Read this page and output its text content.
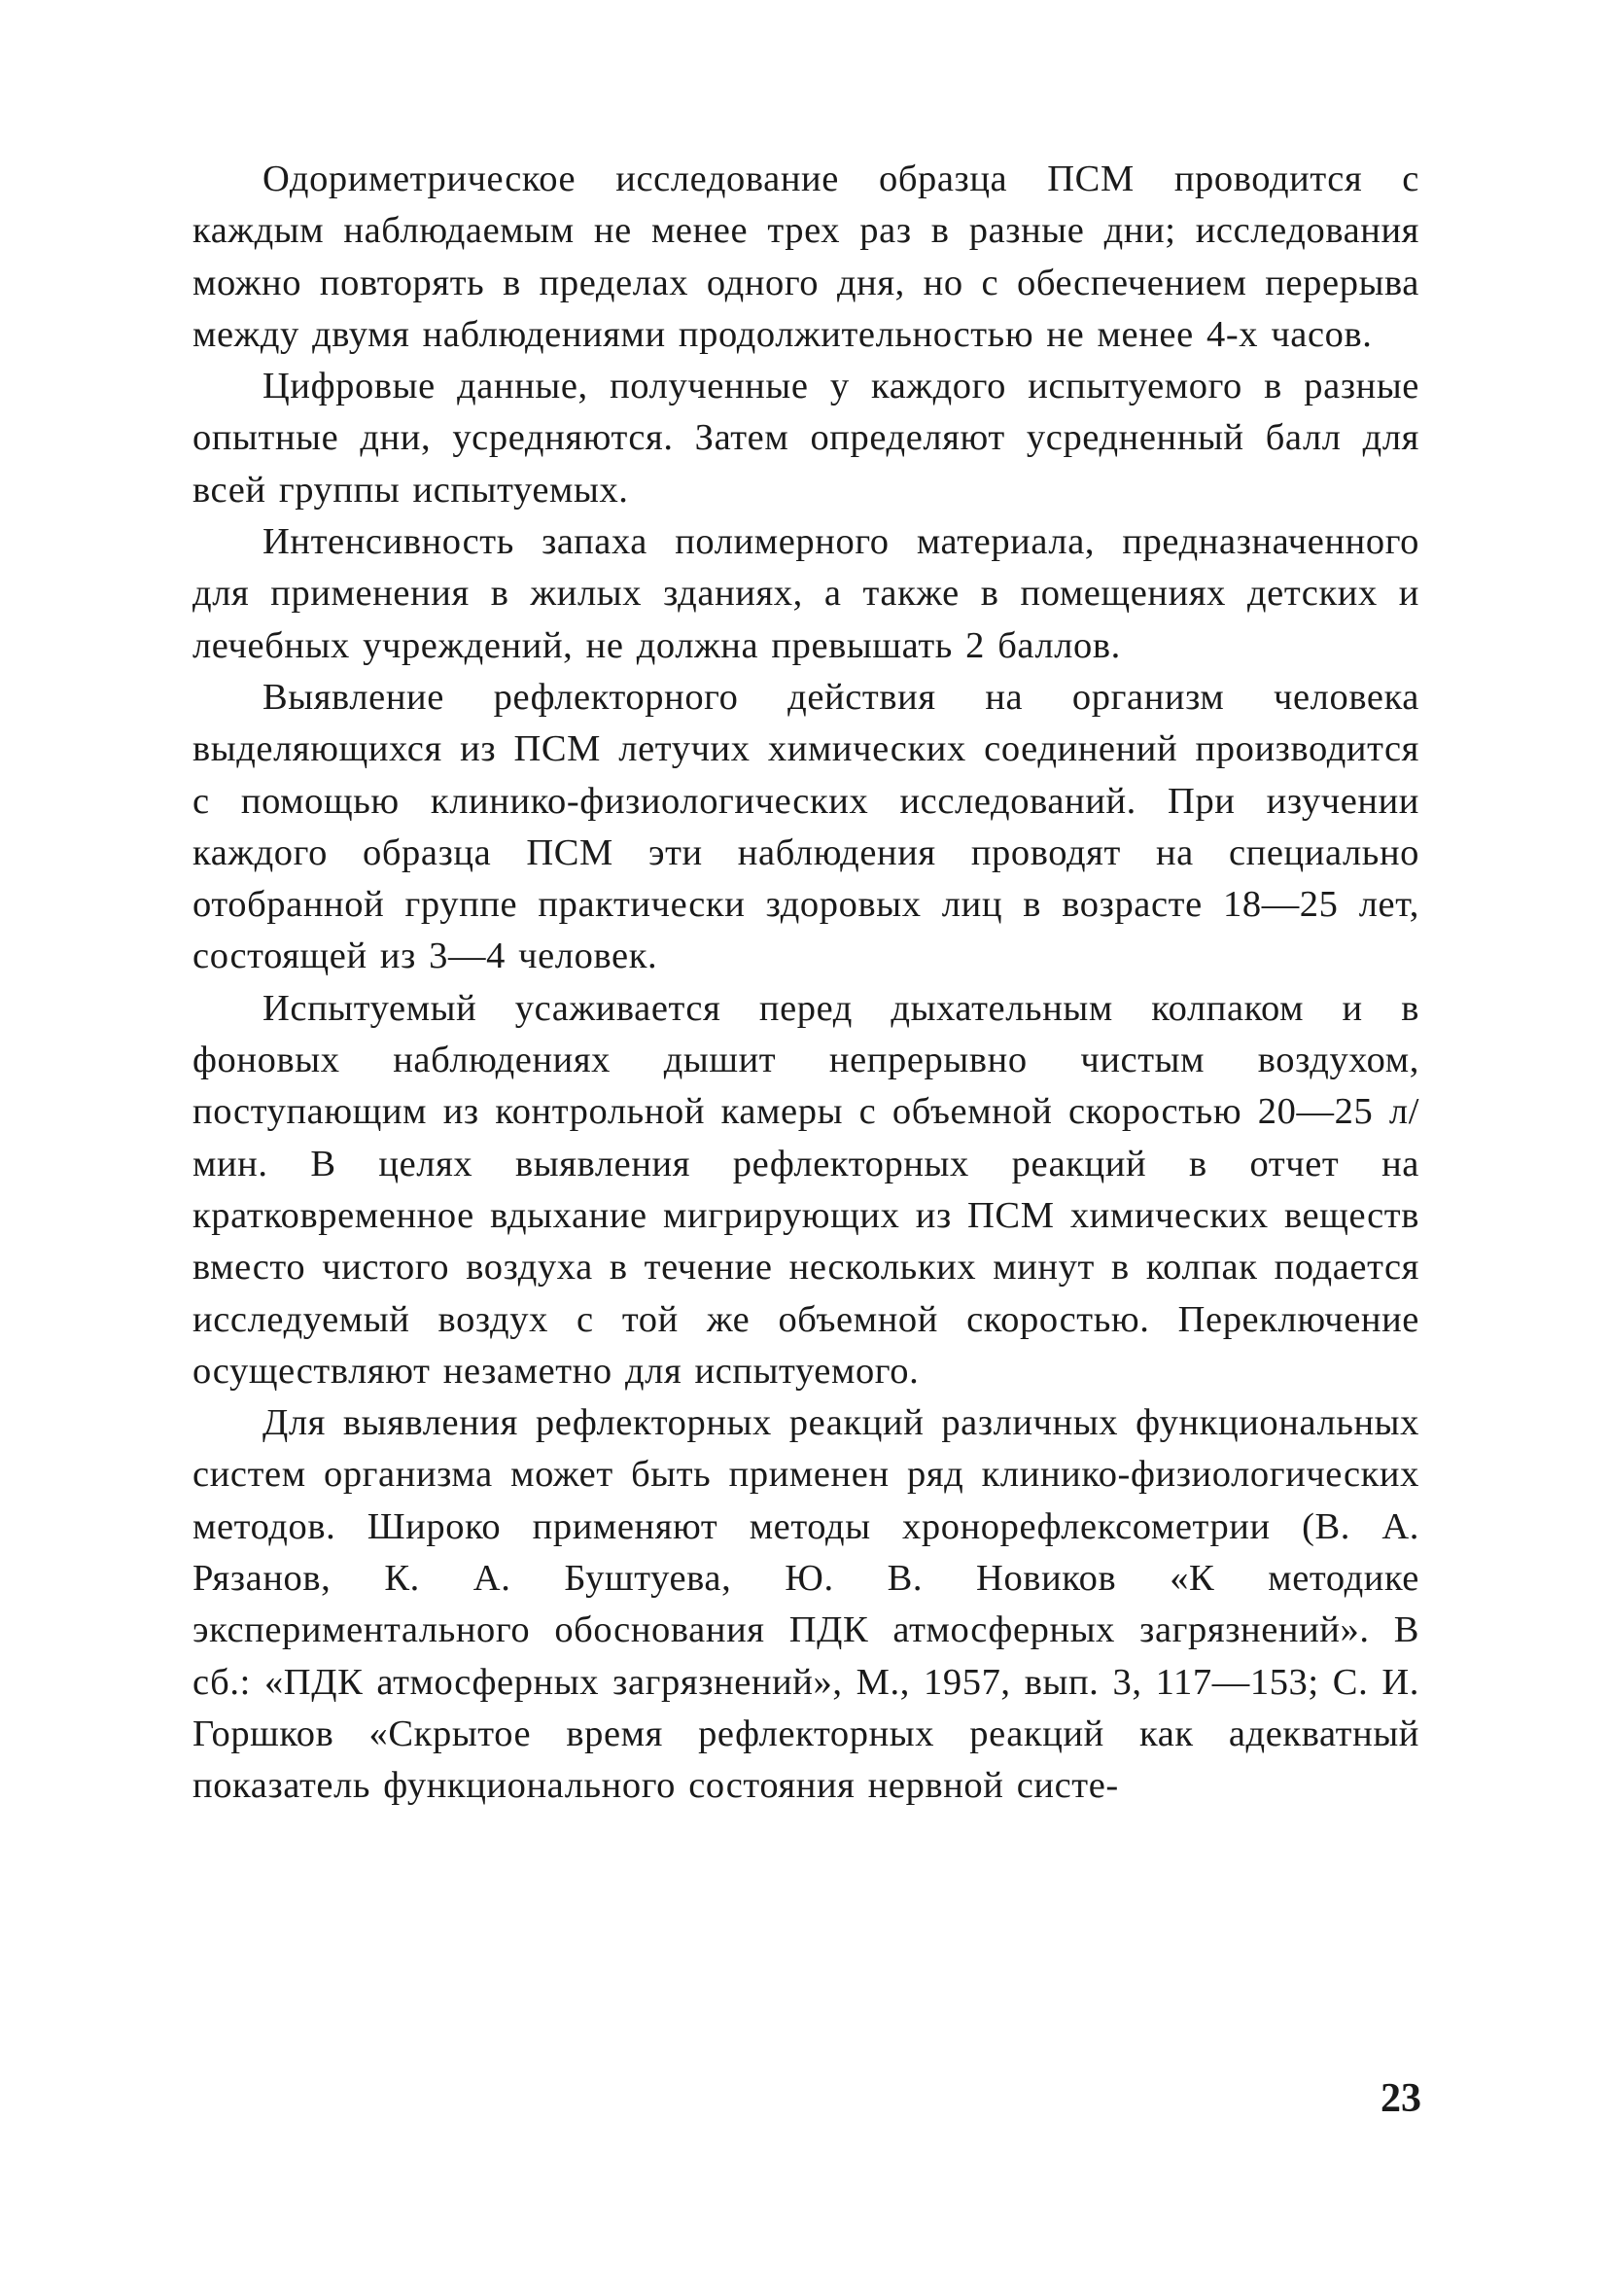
Одориметрическое исследование образца ПСМ проводится с каждым наблюдаемым не менее трех раз в разные дни; исследования можно повторять в пределах одного дня, но с обеспечением перерыва между двумя наблюдениями продолжительностью не менее 4-х часов.

Цифровые данные, полученные у каждого испытуемого в разные опытные дни, усредняются. Затем определяют усредненный балл для всей группы испытуемых.

Интенсивность запаха полимерного материала, предназначенного для применения в жилых зданиях, а также в помещениях детских и лечебных учреждений, не должна превышать 2 баллов.

Выявление рефлекторного действия на организм человека выделяющихся из ПСМ летучих химических соединений производится с помощью клинико-физиологических исследований. При изучении каждого образца ПСМ эти наблюдения проводят на специально отобранной группе практически здоровых лиц в возрасте 18—25 лет, состоящей из 3—4 человек.

Испытуемый усаживается перед дыхательным колпаком и в фоновых наблюдениях дышит непрерывно чистым воздухом, поступающим из контрольной камеры с объемной скоростью 20—25 л/мин. В целях выявления рефлекторных реакций в отчет на кратковременное вдыхание мигрирующих из ПСМ химических веществ вместо чистого воздуха в течение нескольких минут в колпак подается исследуемый воздух с той же объемной скоростью. Переключение осуществляют незаметно для испытуемого.

Для выявления рефлекторных реакций различных функциональных систем организма может быть применен ряд клинико-физиологических методов. Широко применяют методы хронорефлексометрии (В. А. Рязанов, К. А. Буштуева, Ю. В. Новиков «К методике экспериментального обоснования ПДК атмосферных загрязнений». В сб.: «ПДК атмосферных загрязнений», М., 1957, вып. 3, 117—153; С. И. Горшков «Скрытое время рефлекторных реакций как адекватный показатель функционального состояния нервной систе-

23
